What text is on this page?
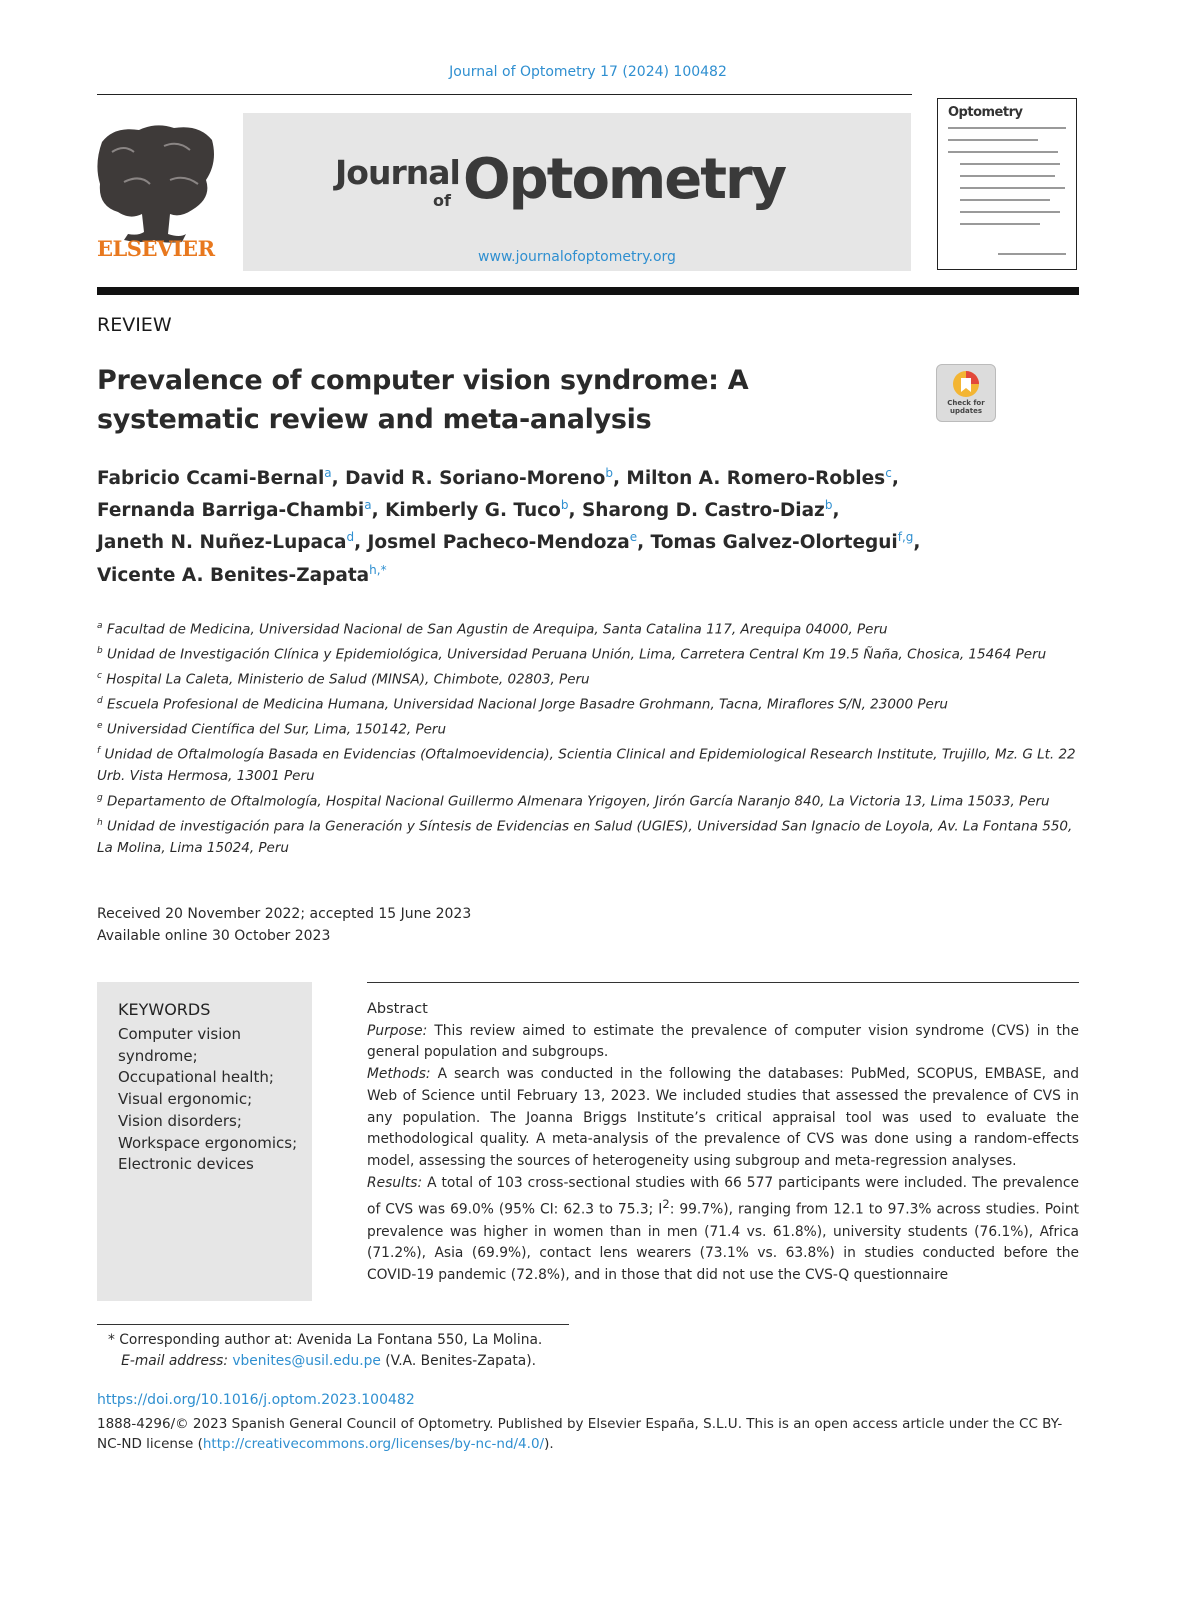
Journal of Optometry 17 (2024) 100482
ELSEVIER
Journal
of Optometry
www.journalofoptometry.org
Optometry
REVIEW
Prevalence of computer vision syndrome: A systematic review and meta-analysis
Check for updates
Fabricio Ccami-Bernal$^a$, David R. Soriano-Moreno$^b$, Milton A. Romero-Robles$^c$,
Fernanda Barriga-Chambi$^a$, Kimberly G. Tuco$^b$, Sharong D. Castro-Diaz$^b$,
Janeth N. Nuñez-Lupaca$^d$, Josmel Pacheco-Mendoza$^e$, Tomas Galvez-Olortegui$^{f,g}$,
Vicente A. Benites-Zapata$^{h,*}$

$^a$ Facultad de Medicina, Universidad Nacional de San Agustin de Arequipa, Santa Catalina 117, Arequipa 04000, Peru

$^b$ Unidad de Investigación Clínica y Epidemiológica, Universidad Peruana Unión, Lima, Carretera Central Km 19.5 Ñaña, Chosica, 15464 Peru

$^c$ Hospital La Caleta, Ministerio de Salud (MINSA), Chimbote, 02803, Peru

$^d$ Escuela Profesional de Medicina Humana, Universidad Nacional Jorge Basadre Grohmann, Tacna, Miraflores S/N, 23000 Peru

$^e$ Universidad Científica del Sur, Lima, 150142, Peru

$^f$ Unidad de Oftalmología Basada en Evidencias (Oftalmoevidencia), Scientia Clinical and Epidemiological Research Institute, Trujillo, Mz. G Lt. 22 Urb. Vista Hermosa, 13001 Peru

$^g$ Departamento de Oftalmología, Hospital Nacional Guillermo Almenara Yrigoyen, Jirón García Naranjo 840, La Victoria 13, Lima 15033, Peru

$^h$ Unidad de investigación para la Generación y Síntesis de Evidencias en Salud (UGIES), Universidad San Ignacio de Loyola, Av. La Fontana 550, La Molina, Lima 15024, Peru

Received 20 November 2022; accepted 15 June 2023
Available online 30 October 2023
KEYWORDS
Computer vision syndrome;
Occupational health;
Visual ergonomic;
Vision disorders;
Workspace ergonomics;
Electronic devices

Abstract

Purpose: This review aimed to estimate the prevalence of computer vision syndrome (CVS) in the general population and subgroups.

Methods: A search was conducted in the following the databases: PubMed, SCOPUS, EMBASE, and Web of Science until February 13, 2023. We included studies that assessed the prevalence of CVS in any population. The Joanna Briggs Institute’s critical appraisal tool was used to evaluate the methodological quality. A meta-analysis of the prevalence of CVS was done using a random-effects model, assessing the sources of heterogeneity using subgroup and meta-regression analyses.

Results: A total of 103 cross-sectional studies with 66 577 participants were included. The prevalence of CVS was 69.0% (95% CI: 62.3 to 75.3; $I^2$: 99.7%), ranging from 12.1 to 97.3% across studies. Point prevalence was higher in women than in men (71.4 vs. 61.8%), university students (76.1%), Africa (71.2%), Asia (69.9%), contact lens wearers (73.1% vs. 63.8%) in studies conducted before the COVID-19 pandemic (72.8%), and in those that did not use the CVS-Q questionnaire

* Corresponding author at: Avenida La Fontana 550, La Molina.
E-mail address: vbenites@usil.edu.pe (V.A. Benites-Zapata).
https://doi.org/10.1016/j.optom.2023.100482
1888-4296/© 2023 Spanish General Council of Optometry. Published by Elsevier España, S.L.U. This is an open access article under the CC BY-NC-ND license (http://creativecommons.org/licenses/by-nc-nd/4.0/).
